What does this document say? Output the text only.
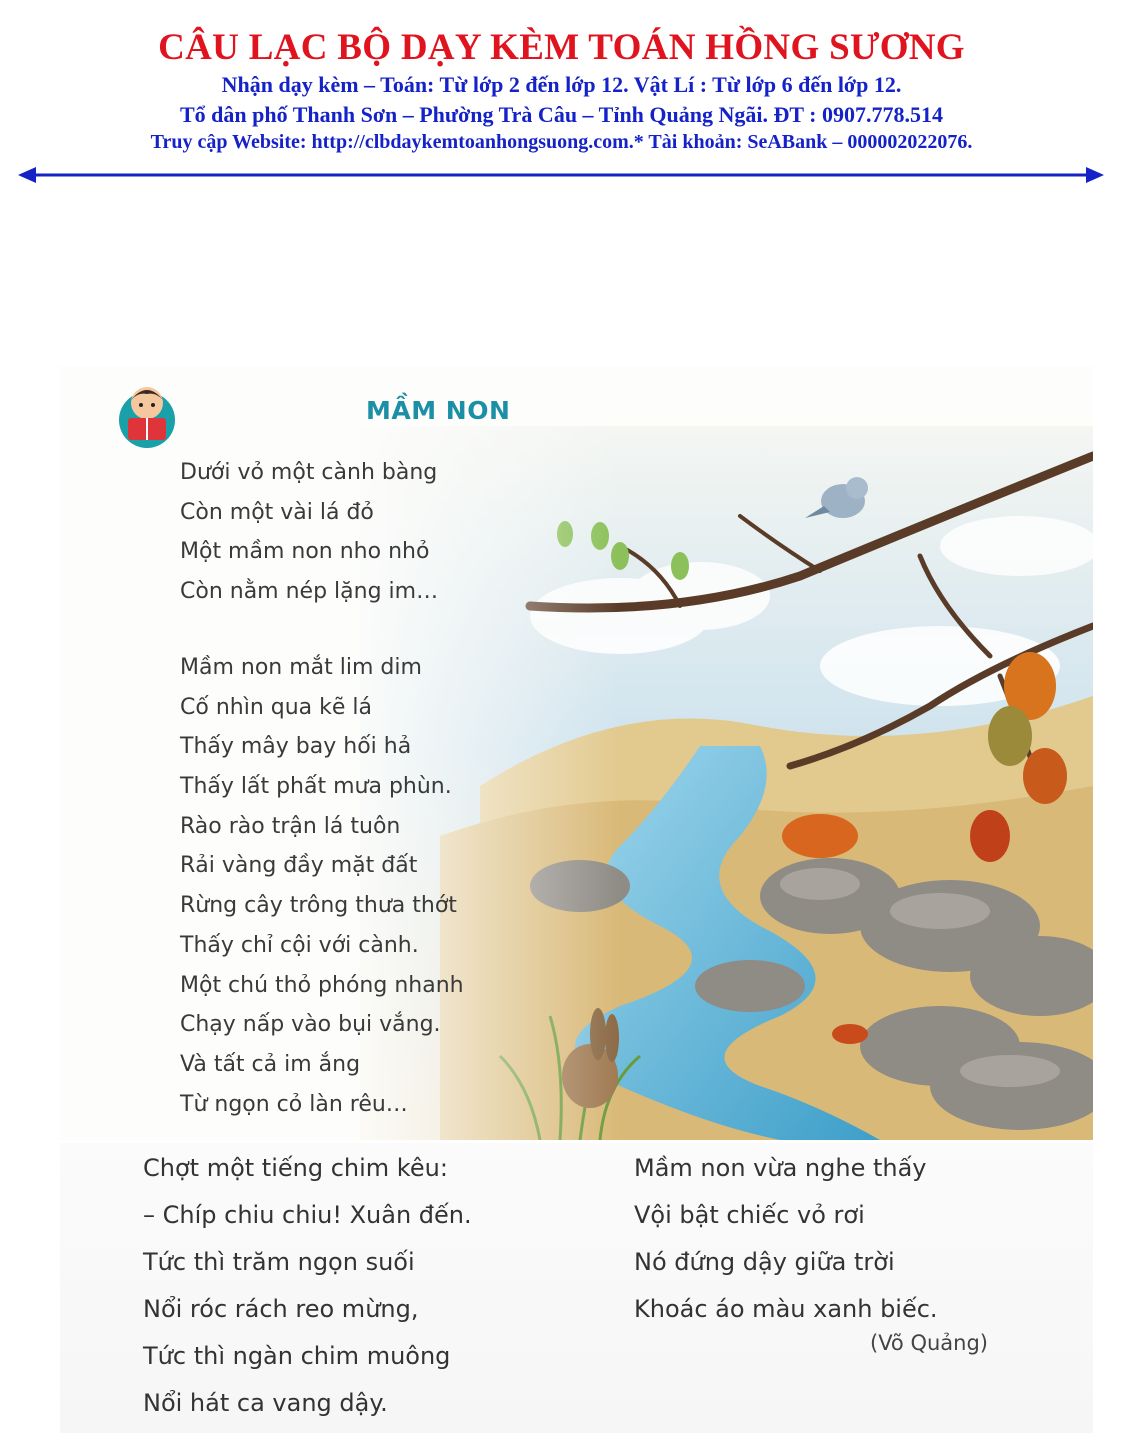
CÂU LẠC BỘ DẠY KÈM TOÁN HỒNG SƯƠNG
Nhận dạy kèm – Toán: Từ lớp 2 đến lớp 12. Vật Lí : Từ lớp 6 đến lớp 12.
Tổ dân phố Thanh Sơn – Phường Trà Câu – Tỉnh Quảng Ngãi. ĐT : 0907.778.514
Truy cập Website: http://clbdaykemtoanhongsuong.com.* Tài khoản: SeABank – 000002022076.
MẦM NON
Dưới vỏ một cành bàng
Còn một vài lá đỏ
Một mầm non nho nhỏ
Còn nằm nép lặng im…
Mầm non mắt lim dim
Cố nhìn qua kẽ lá
Thấy mây bay hối hả
Thấy lất phất mưa phùn.
Rào rào trận lá tuôn
Rải vàng đầy mặt đất
Rừng cây trông thưa thớt
Thấy chỉ cội với cành.
Một chú thỏ phóng nhanh
Chạy nấp vào bụi vắng.
Và tất cả im ắng
Từ ngọn cỏ làn rêu…
Chợt một tiếng chim kêu:
– Chíp chiu chiu! Xuân đến.
Tức thì trăm ngọn suối
Nổi róc rách reo mừng,
Tức thì ngàn chim muông
Nổi hát ca vang dậy.
Mầm non vừa nghe thấy
Vội bật chiếc vỏ rơi
Nó đứng dậy giữa trời
Khoác áo màu xanh biếc.
(Võ Quảng)
